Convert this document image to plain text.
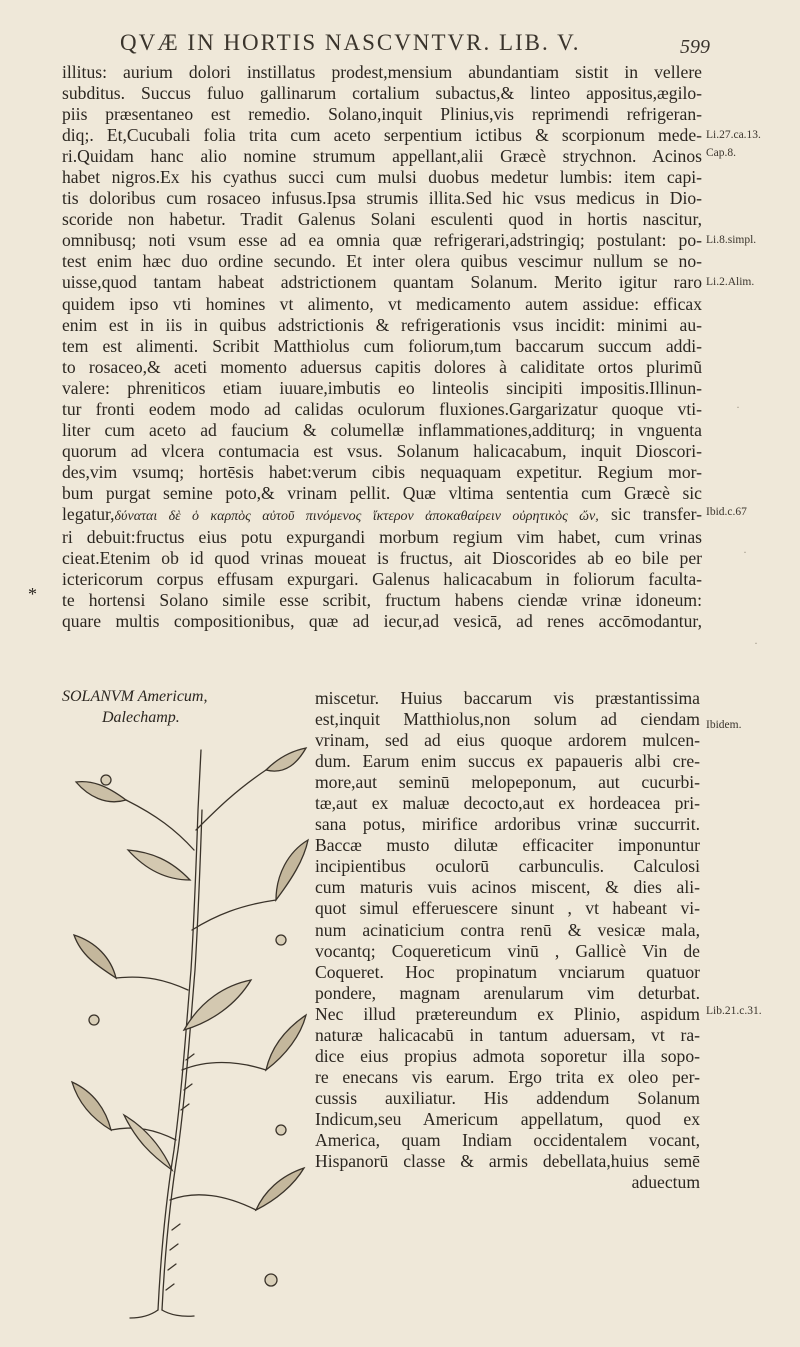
QVÆ IN HORTIS NASCVNTVR. LIB. V.	599
illitus: aurium dolori instillatus prodest,mensium abundantiam sistit in vellere
subditus. Succus fuluo gallinarum cortalium subactus,& linteo appositus,ægilo-
piis præsentaneo est remedio. Solano,inquit Plinius,vis reprimendi refrigeran-
diq;. Et,Cucubali folia trita cum aceto serpentium ictibus & scorpionum mede-
ri.Quidam hanc alio nomine strumum appellant,alii Græcè strychnon. Acinos
habet nigros.Ex his cyathus succi cum mulsi duobus medetur lumbis: item capi-
tis doloribus cum rosaceo infusus.Ipsa strumis illita.Sed hic vsus medicus in Dio-
scoride non habetur. Tradit Galenus Solani esculenti quod in hortis nascitur,
omnibusq; noti vsum esse ad ea omnia quæ refrigerari,adstringiq; postulant: po-
test enim hæc duo ordine secundo. Et inter olera quibus vescimur nullum se no-
uisse,quod tantam habeat adstrictionem quantam Solanum. Merito igitur raro
quidem ipso vti homines vt alimento, vt medicamento autem assidue: efficax
enim est in iis in quibus adstrictionis & refrigerationis vsus incidit: minimi au-
tem est alimenti. Scribit Matthiolus cum foliorum,tum baccarum succum addi-
to rosaceo,& aceti momento aduersus capitis dolores à caliditate ortos plurimũ
valere: phreniticos etiam iuuare,imbutis eo linteolis sincipiti impositis.Illinun-
tur fronti eodem modo ad calidas oculorum fluxiones.Gargarizatur quoque vti-
liter cum aceto ad faucium & columellæ inflammationes,additurq; in vnguenta
quorum ad vlcera contumacia est vsus. Solanum halicacabum, inquit Dioscori-
des,vim vsumq; hortēsis habet:verum cibis nequaquam expetitur. Regium mor-
bum purgat semine poto,& vrinam pellit. Quæ vltima sententia cum Græcè sic
legatur,δύναται δὲ ὁ καρπὸς αὐτοῦ πινόμενος ἴκτερον ἀποκαθαίρειν οὐρητικὸς ὤν, sic transfer-
ri debuit:fructus eius potu expurgandi morbum regium vim habet, cum vrinas
cieat.Etenim ob id quod vrinas moueat is fructus, ait Dioscorides ab eo bile per
ictericorum corpus effusam expurgari. Galenus halicacabum in foliorum faculta-
te hortensi Solano simile esse scribit, fructum habens ciendæ vrinæ idoneum:
quare multis compositionibus, quæ ad iecur,ad vesicā, ad renes accōmodantur,
*
SOLANVM Americum,
Dalechamp.
miscetur. Huius baccarum vis præstantissima
est,inquit Matthiolus,non solum ad ciendam
vrinam, sed ad eius quoque ardorem mulcen-
dum. Earum enim succus ex papaueris albi cre-
more,aut seminū melopeponum, aut cucurbi-
tæ,aut ex maluæ decocto,aut ex hordeacea pri-
sana potus, mirifice ardoribus vrinæ succurrit.
Baccæ musto dilutæ efficaciter imponuntur
incipientibus oculorū carbunculis. Calculosi
cum maturis vuis acinos miscent, & dies ali-
quot simul efferuescere sinunt , vt habeant vi-
num acinaticium contra renū & vesicæ mala,
vocantq; Coquereticum vinū , Gallicè Vin de
Coqueret. Hoc propinatum vnciarum quatuor
pondere, magnam arenularum vim deturbat.
Nec illud prætereundum ex Plinio, aspidum
naturæ halicacabū in tantum aduersam, vt ra-
dice eius propius admota soporetur illa sopo-
re enecans vis earum. Ergo trita ex oleo per-
cussis auxiliatur. His addendum Solanum
Indicum,seu Americum appellatum, quod ex
America, quam Indiam occidentalem vocant,
Hispanorū classe & armis debellata,huius semē
aduectum
Li.27.ca.13.
Cap.8.
Li.8.simpl.
Li.2.Alim.
Ibid.c.67
Ibidem.
Lib.21.c.31.
·
·
·
